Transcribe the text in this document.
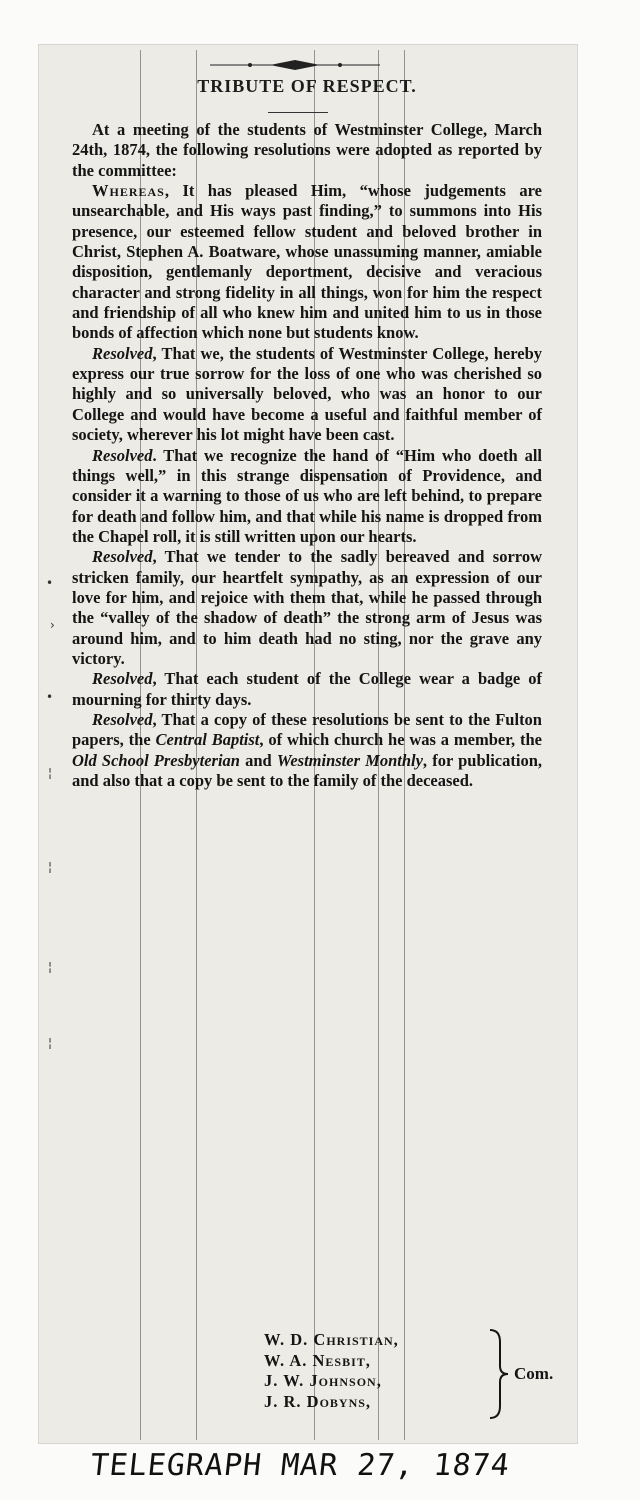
TRIBUTE OF RESPECT.

At a meeting of the students of Westminster College, March 24th, 1874, the following resolutions were adopted as reported by the committee:

Whereas, It has pleased Him, “whose judgements are unsearchable, and His ways past finding,” to summons into His presence, our esteemed fellow student and beloved brother in Christ, Stephen A. Boatware, whose unassuming manner, amiable disposition, gentlemanly deportment, decisive and veracious character and strong fidelity in all things, won for him the respect and friendship of all who knew him and united him to us in those bonds of affection which none but students know.

Resolved, That we, the students of Westminster College, hereby express our true sorrow for the loss of one who was cherished so highly and so universally beloved, who was an honor to our College and would have become a useful and faithful member of society, wherever his lot might have been cast.

Resolved. That we recognize the hand of “Him who doeth all things well,” in this strange dispensation of Providence, and consider it a warning to those of us who are left behind, to prepare for death and follow him, and that while his name is dropped from the Chapel roll, it is still written upon our hearts.

Resolved, That we tender to the sadly bereaved and sorrow stricken family, our heartfelt sympathy, as an expression of our love for him, and rejoice with them that, while he passed through the “valley of the shadow of death” the strong arm of Jesus was around him, and to him death had no sting, nor the grave any victory.

Resolved, That each student of the College wear a badge of mourning for thirty days.

Resolved, That a copy of these resolutions be sent to the Fulton papers, the Central Baptist, of which church he was a member, the Old School Presbyterian and Westminster Monthly, for publication, and also that a copy be sent to the family of the deceased.

W. D. Christian,
W. A. Nesbit,
J. W. Johnson,
J. R. Dobyns,
Com.
TELEGRAPH MAR 27, 1874
•
›
•
¦
¦
¦
¦
